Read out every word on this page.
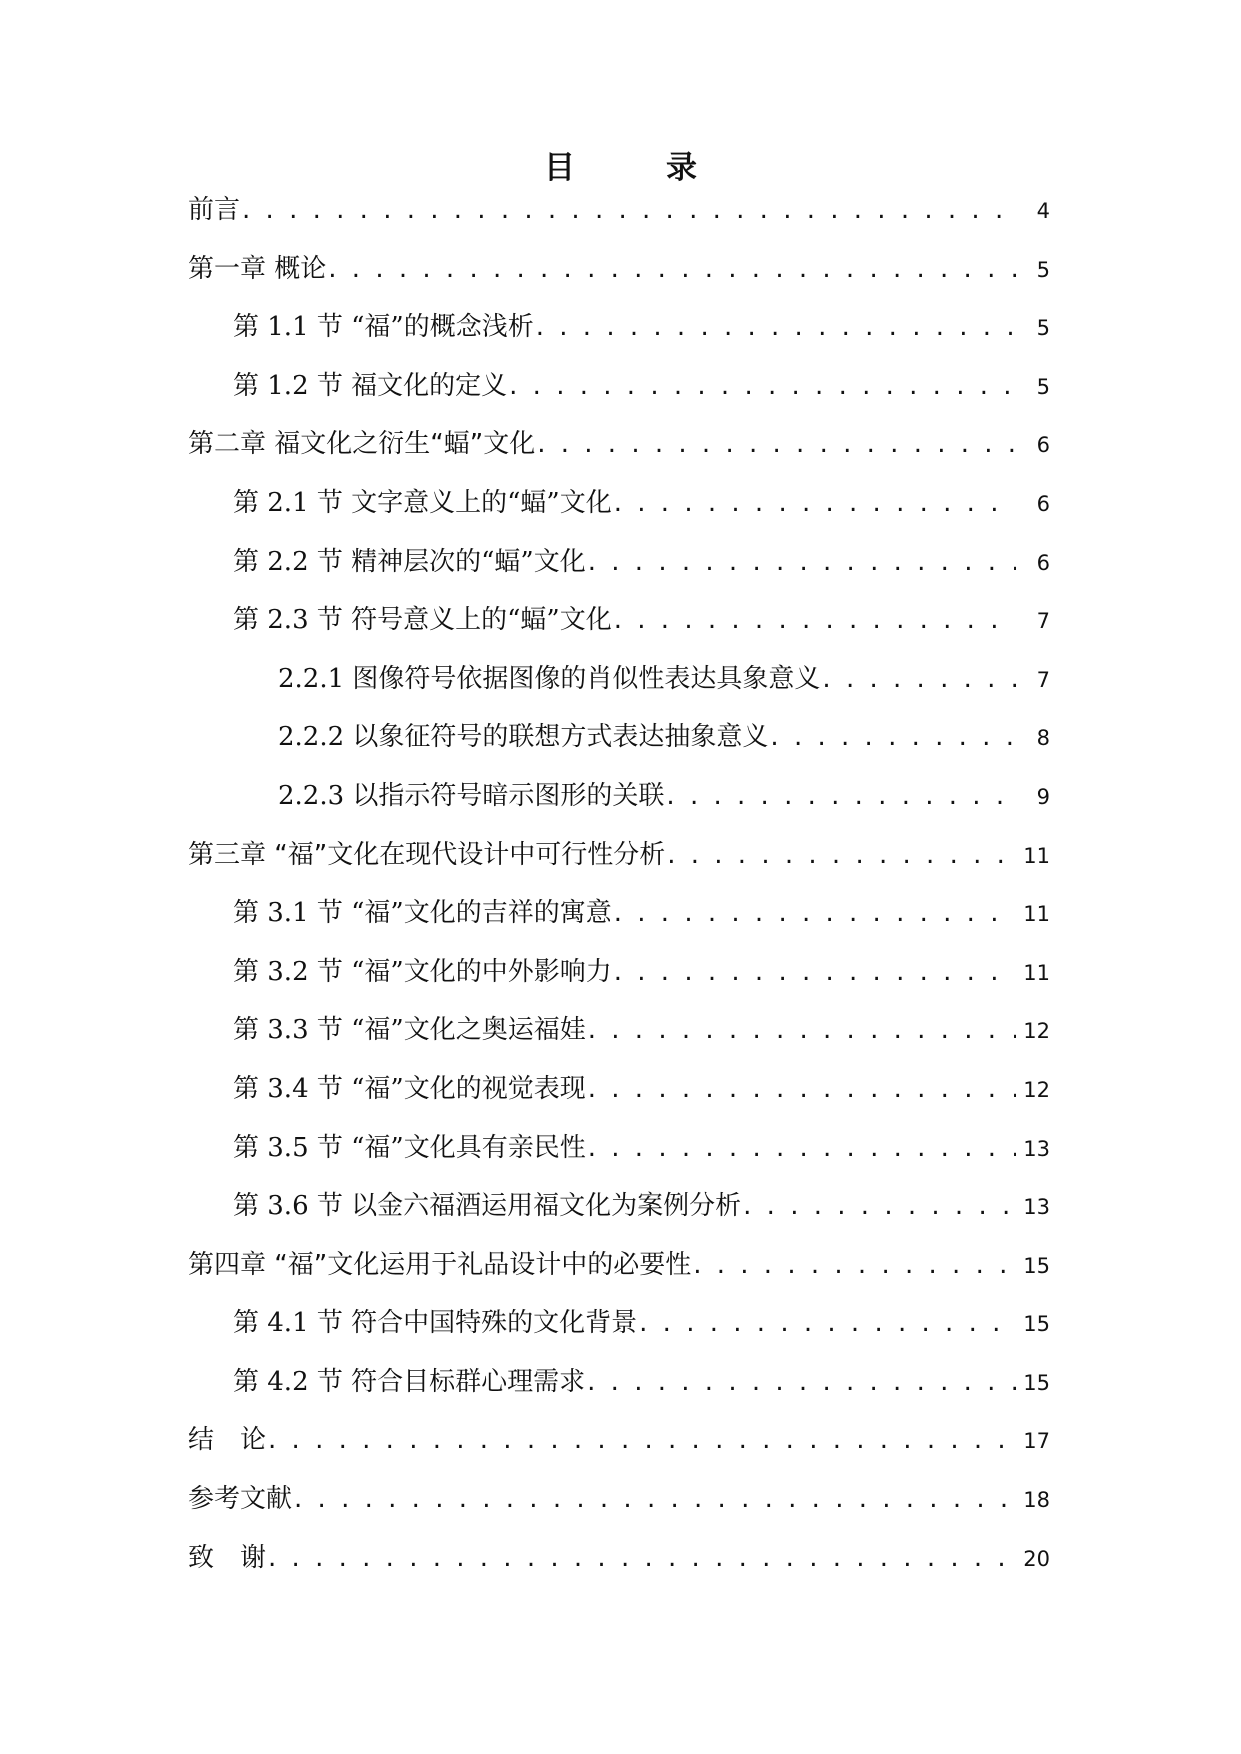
目　录
前言 . . .	4
第一章 概论 . . .	5
第 1.1 节 “福”的概念浅析 . . .	5
第 1.2 节 福文化的定义 . . .	5
第二章 福文化之衍生“蝠”文化 . . .	6
第 2.1 节 文字意义上的“蝠”文化 . . .	6
第 2.2 节 精神层次的“蝠”文化 . . .	6
第 2.3 节 符号意义上的“蝠”文化 . . .	7
2.2.1 图像符号依据图像的肖似性表达具象意义 . . .	7
2.2.2 以象征符号的联想方式表达抽象意义 . . .	8
2.2.3 以指示符号暗示图形的关联 . . .	9
第三章 “福”文化在现代设计中可行性分析 . . .	11
第 3.1 节 “福”文化的吉祥的寓意 . . .	11
第 3.2 节 “福”文化的中外影响力 . . .	11
第 3.3 节 “福”文化之奥运福娃 . . .	12
第 3.4 节 “福”文化的视觉表现 . . .	12
第 3.5 节 “福”文化具有亲民性 . . .	13
第 3.6 节 以金六福酒运用福文化为案例分析 . . .	13
第四章 “福”文化运用于礼品设计中的必要性 . . .	15
第 4.1 节 符合中国特殊的文化背景 . . .	15
第 4.2 节 符合目标群心理需求 . . .	15
结　论 . . .	17
参考文献 . . .	18
致　谢 . . .	20
